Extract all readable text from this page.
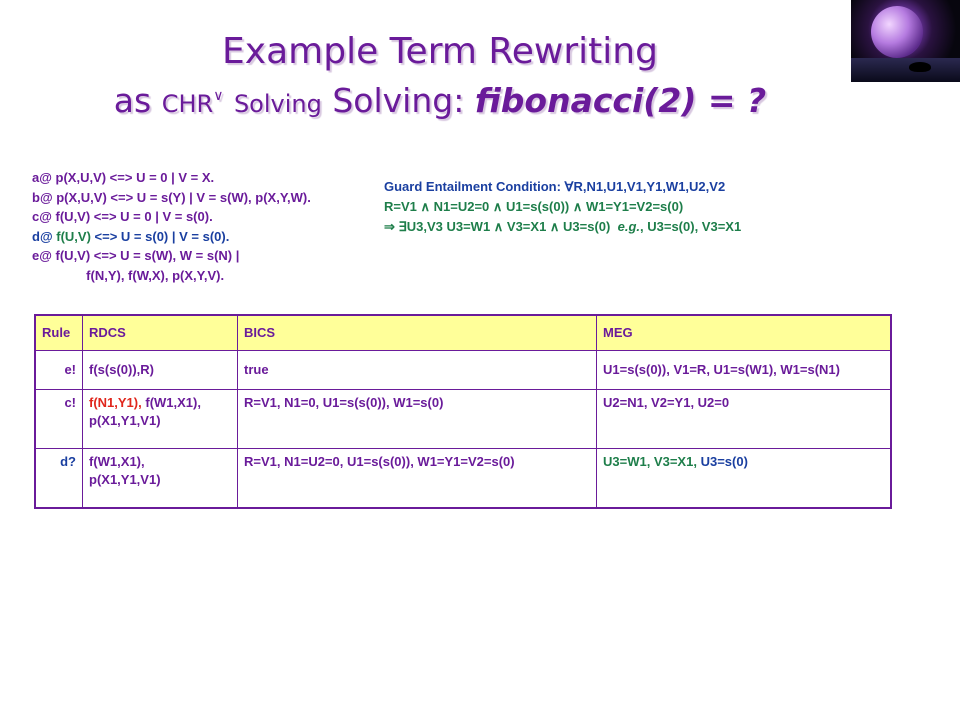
Example Term Rewriting
as CHR∨ Solving Solving: fibonacci(2) = ?
a@ p(X,U,V) <=> U = 0 | V = X.
b@ p(X,U,V) <=> U = s(Y) | V = s(W), p(X,Y,W).
c@ f(U,V) <=> U = 0 | V = s(0).
d@ f(U,V) <=> U = s(0) | V = s(0).
e@ f(U,V) <=> U = s(W), W = s(N) |
f(N,Y), f(W,X), p(X,Y,V).
Guard Entailment Condition: ∀R,N1,U1,V1,Y1,W1,U2,V2
R=V1 ∧ N1=U2=0 ∧ U1=s(s(0)) ∧ W1=Y1=V2=s(0)
⇒ ∃U3,V3 U3=W1 ∧ V3=X1 ∧ U3=s(0) e.g., U3=s(0), V3=X1
Rule	RDCS	BICS	MEG
e!	f(s(s(0)),R)	true	U1=s(s(0)), V1=R, U1=s(W1), W1=s(N1)
c!	f(N1,Y1), f(W1,X1), p(X1,Y1,V1)	R=V1, N1=0, U1=s(s(0)), W1=s(0)	U2=N1, V2=Y1, U2=0
d?	f(W1,X1),
p(X1,Y1,V1)	R=V1, N1=U2=0, U1=s(s(0)), W1=Y1=V2=s(0)	U3=W1, V3=X1, U3=s(0)
